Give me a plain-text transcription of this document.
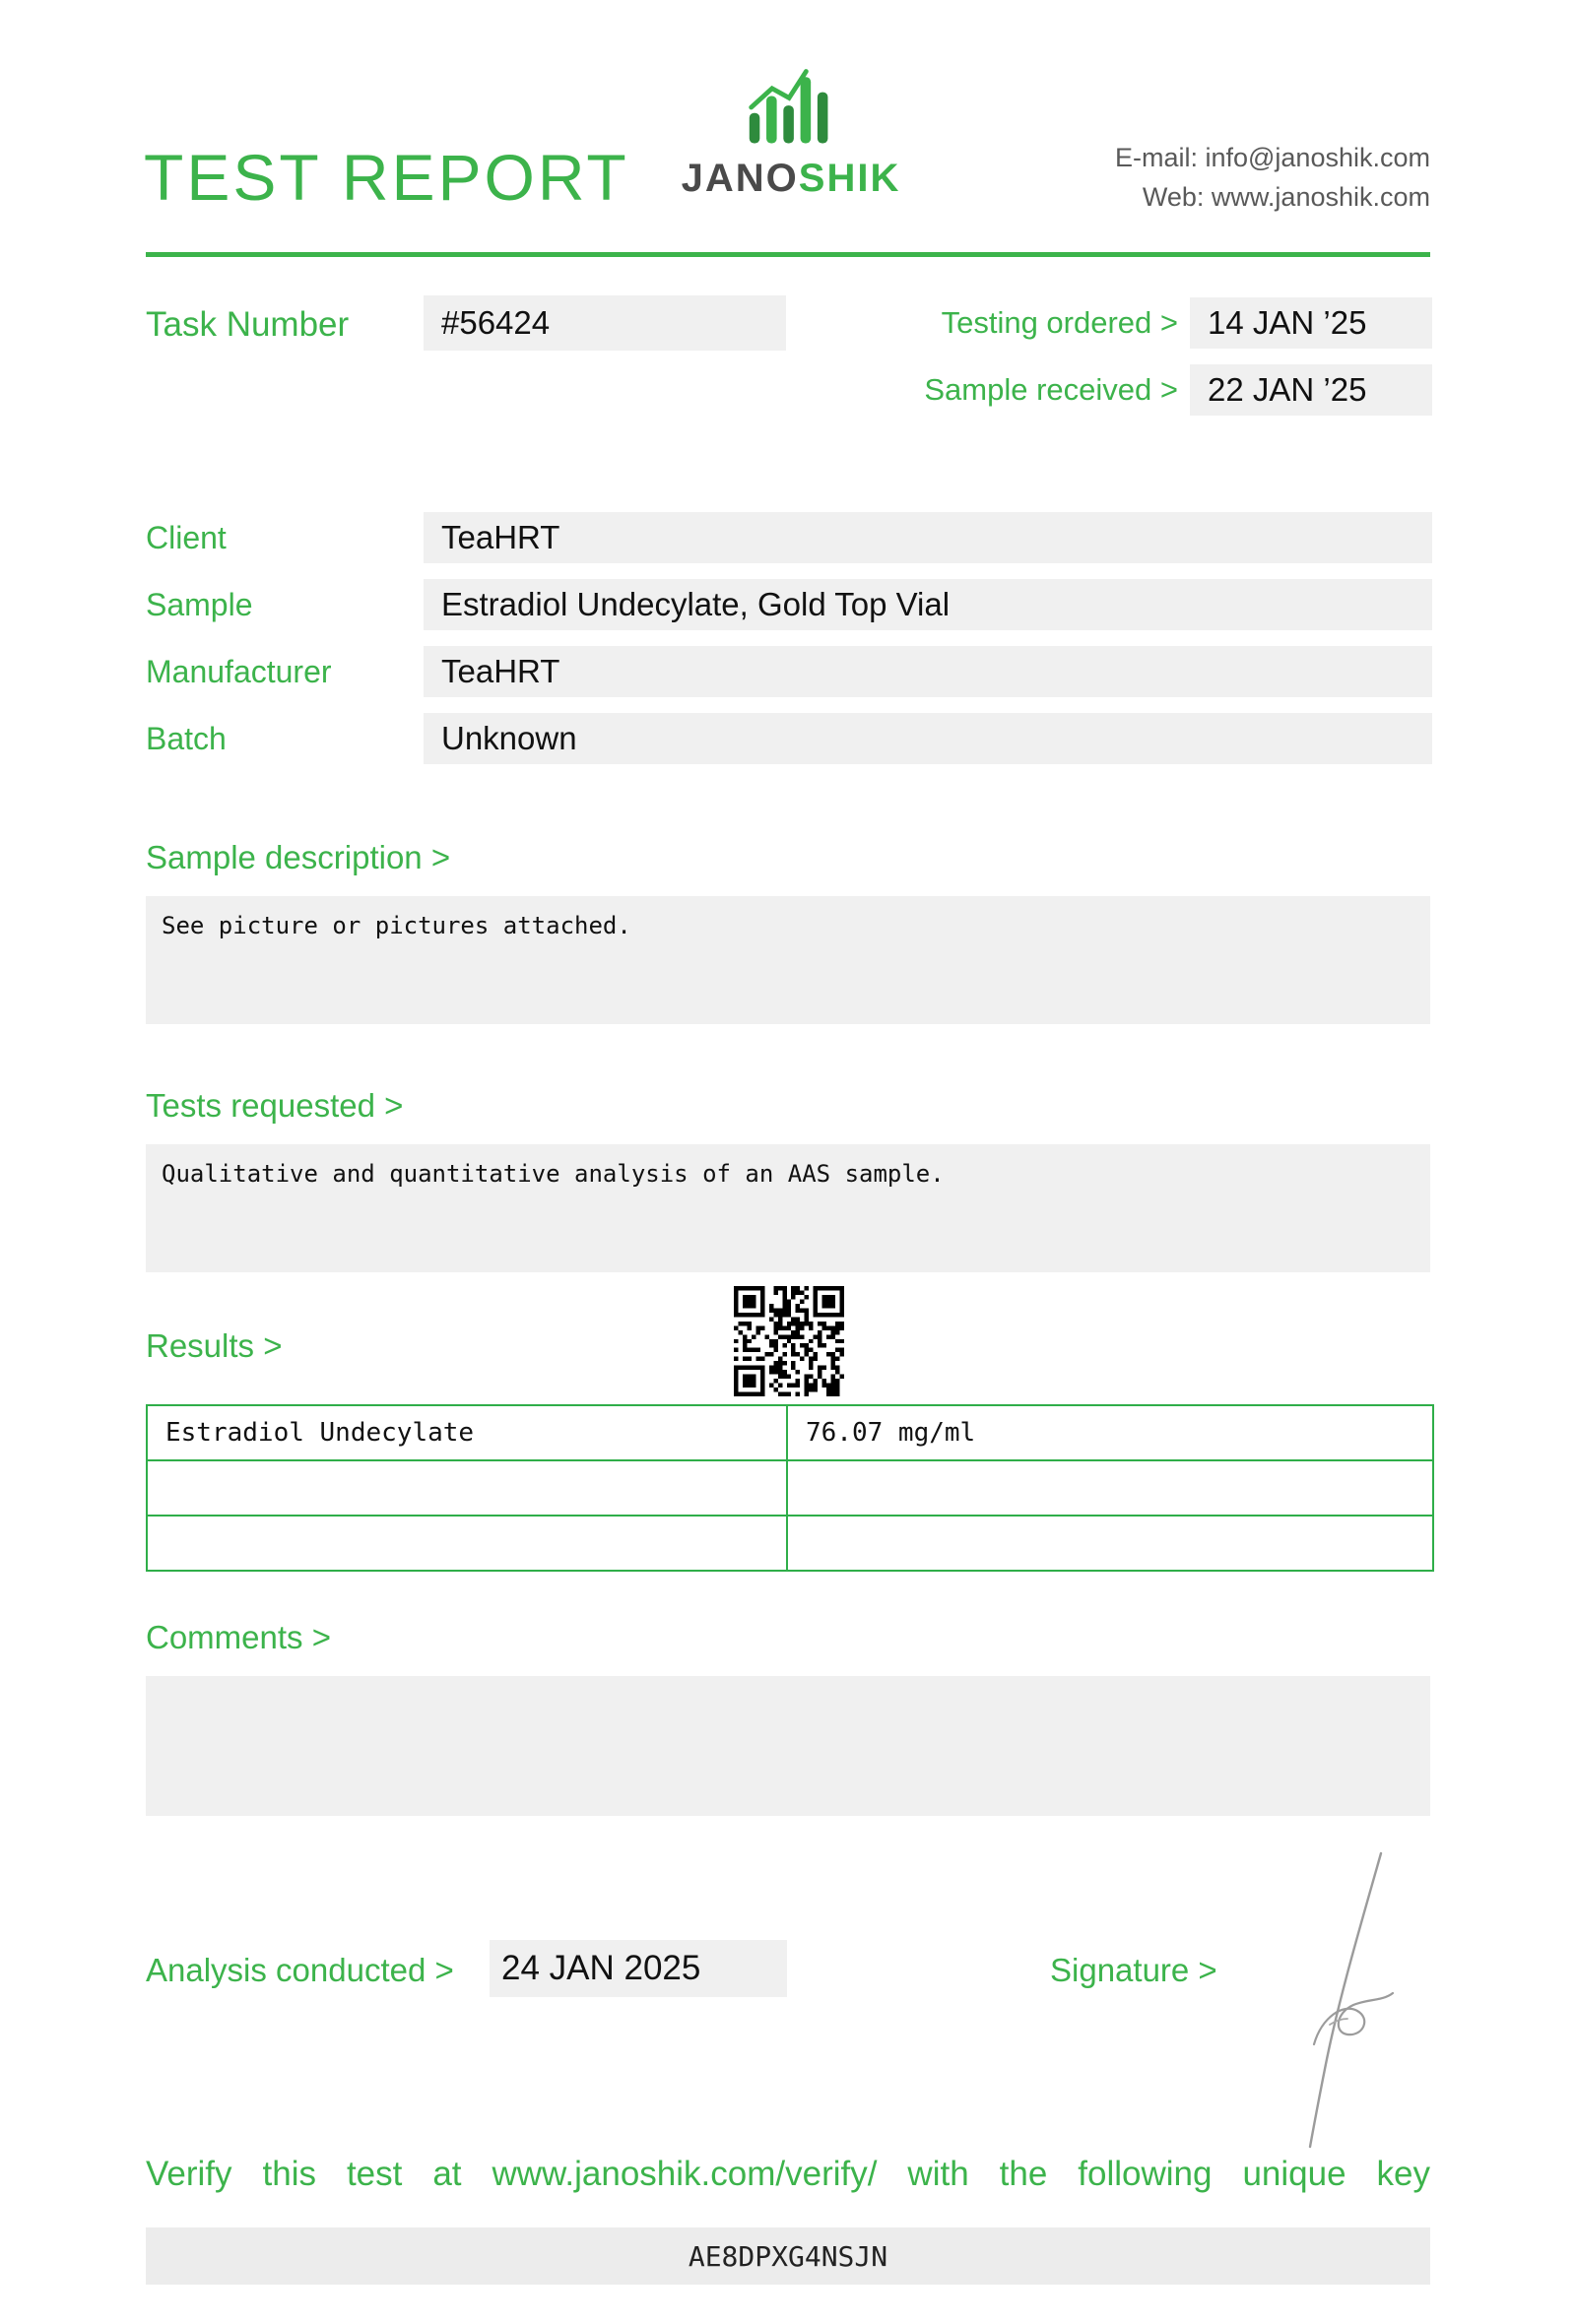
TEST REPORT JANOSHIK	E-mail: info@janoshik.com
Web: www.janoshik.com
Task Number	#56424	Testing ordered > 14 JAN ’25
Sample received > 22 JAN ’25
Client	TeaHRT
Sample	Estradiol Undecylate, Gold Top Vial
Manufacturer	TeaHRT
Batch	Unknown
Sample description >
See picture or pictures attached.
Tests requested >
Qualitative and quantitative analysis of an AAS sample.
Results >
Estradiol Undecylate	76.07 mg/ml

Comments >
Analysis conducted >	24 JAN 2025	Signature >
Verify this test at www.janoshik.com/verify/ with the following unique key
AE8DPXG4NSJN
